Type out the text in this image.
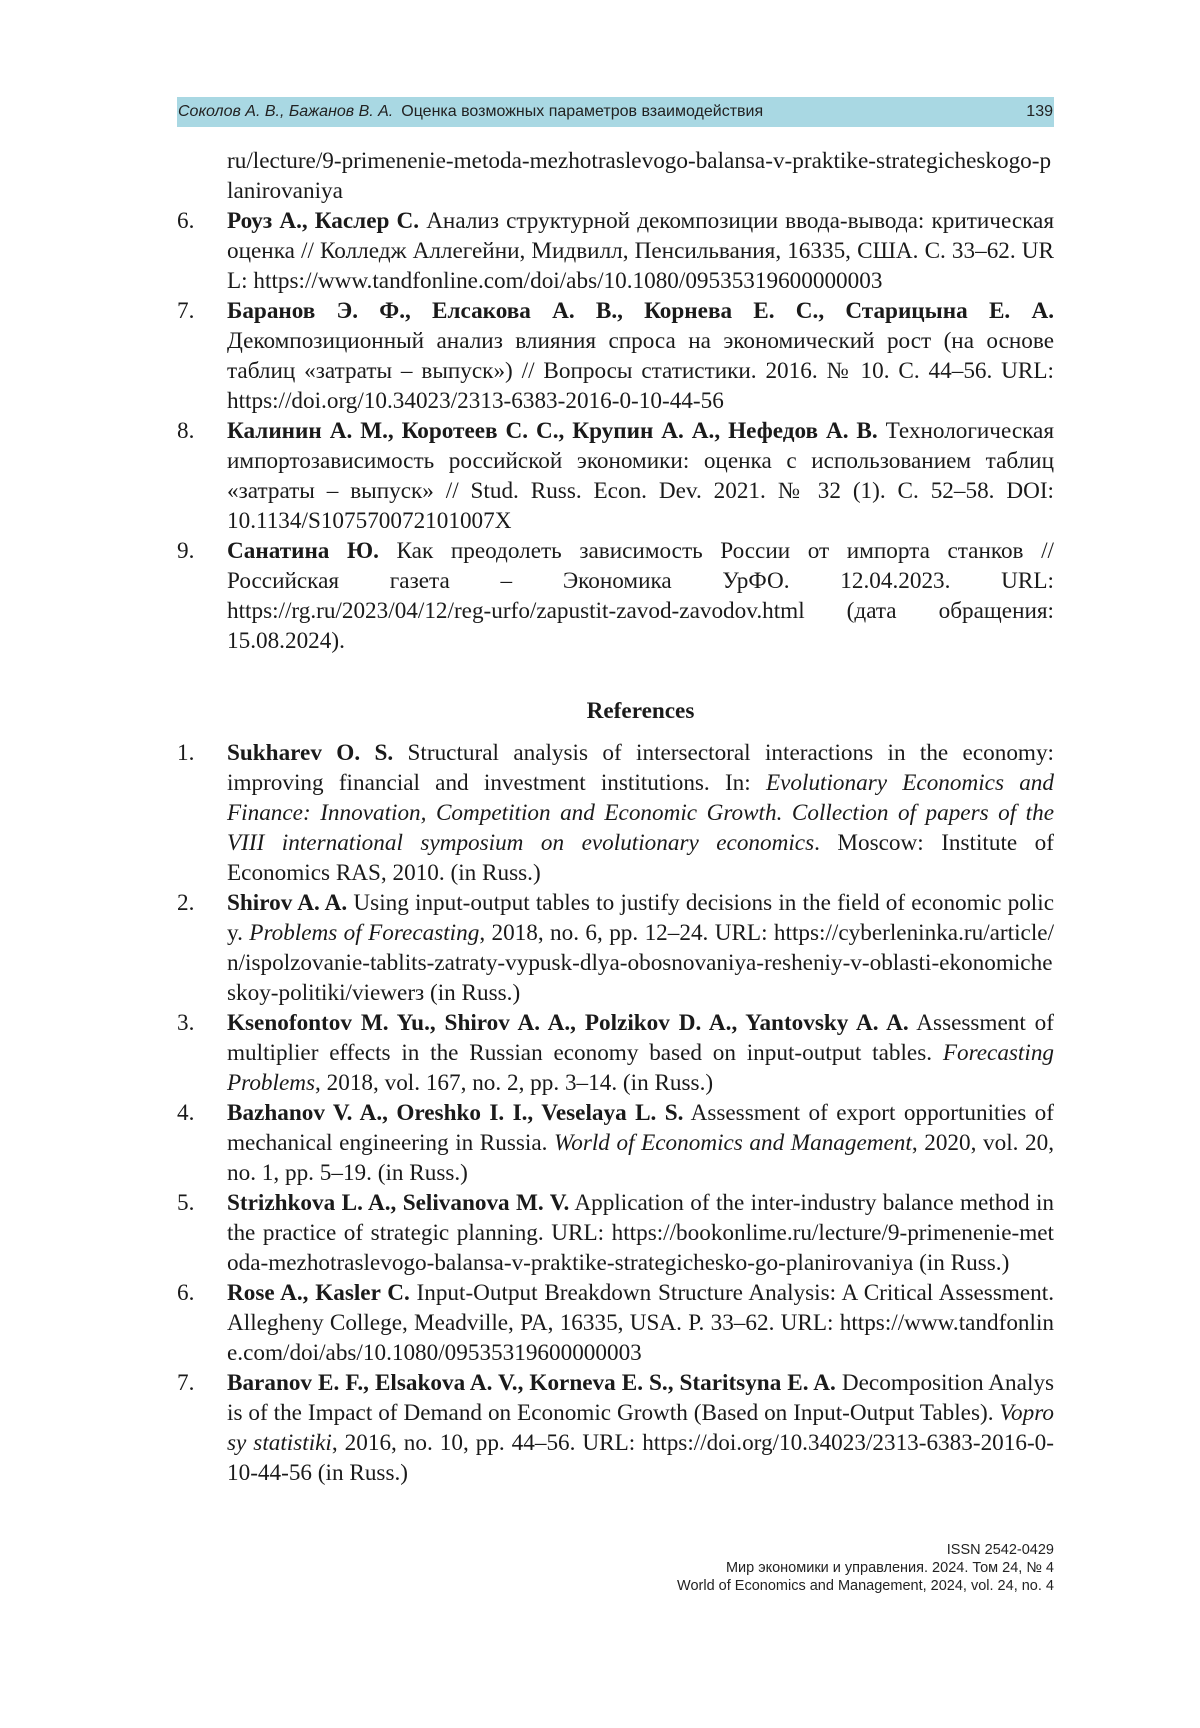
Соколов А. В., Бажанов В. А. Оценка возможных параметров взаимодействия	139
ru/lecture/9-primenenie-metoda-mezhotraslevogo-balansa-v-praktike-strategicheskogo-planirovaniya
6.	Роуз А., Каслер С. Анализ структурной декомпозиции ввода-вывода: критическая оценка // Колледж Аллегейни, Мидвилл, Пенсильвания, 16335, США. С. 33–62. URL: https://www.tandfonline.com/doi/abs/10.1080/09535319600000003
7.	Баранов Э. Ф., Елсакова А. В., Корнева Е. С., Старицына Е. А. Декомпозиционный анализ влияния спроса на экономический рост (на основе таблиц «затраты – выпуск») // Вопросы статистики. 2016. № 10. С. 44–56. URL: https://doi.org/10.34023/2313-6383-2016-0-10-44-56
8.	Калинин А. М., Коротеев С. С., Крупин А. А., Нефедов А. В. Технологическая импортозависимость российской экономики: оценка с использованием таблиц «затраты – выпуск» // Stud. Russ. Econ. Dev. 2021. № 32 (1). С. 52–58. DOI: 10.1134/S107570072101007X
9.	Санатина Ю. Как преодолеть зависимость России от импорта станков // Российская газета – Экономика УрФО. 12.04.2023. URL: https://rg.ru/2023/04/12/reg-urfo/zapustit-zavod-zavodov.html (дата обращения: 15.08.2024).
References
1.	Sukharev O. S. Structural analysis of intersectoral interactions in the economy: improving financial and investment institutions. In: Evolutionary Economics and Finance: Innovation, Competition and Economic Growth. Collection of papers of the VIII international symposium on evolutionary economics. Moscow: Institute of Economics RAS, 2010. (in Russ.)
2.	Shirov A. A. Using input-output tables to justify decisions in the field of economic policy. Problems of Forecasting, 2018, no. 6, pp. 12–24. URL: https://cyberleninka.ru/article/n/ispolzovanie-tablits-zatraty-vypusk-dlya-obosnovaniya-resheniy-v-oblasti-ekonomicheskoy-politiki/viewerз (in Russ.)
3.	Ksenofontov M. Yu., Shirov A. A., Polzikov D. A., Yantovsky A. A. Assessment of multiplier effects in the Russian economy based on input-output tables. Forecasting Problems, 2018, vol. 167, no. 2, pp. 3–14. (in Russ.)
4.	Bazhanov V. A., Oreshko I. I., Veselaya L. S. Assessment of export opportunities of mechanical engineering in Russia. World of Economics and Management, 2020, vol. 20, no. 1, pp. 5–19. (in Russ.)
5.	Strizhkova L. A., Selivanova M. V. Application of the inter-industry balance method in the practice of strategic planning. URL: https://bookonlime.ru/lecture/9-primenenie-metoda-mezhotraslevogo-balansa-v-praktike-strategichesko-go-planirovaniya (in Russ.)
6.	Rose A., Kasler C. Input-Output Breakdown Structure Analysis: A Critical Assessment. Allegheny College, Meadville, PA, 16335, USA. P. 33–62. URL: https://www.tandfonline.com/doi/abs/10.1080/09535319600000003
7.	Baranov E. F., Elsakova A. V., Korneva E. S., Staritsyna E. A. Decomposition Analysis of the Impact of Demand on Economic Growth (Based on Input-Output Tables). Voprosy statistiki, 2016, no. 10, pp. 44–56. URL: https://doi.org/10.34023/2313-6383-2016-0-10-44-56 (in Russ.)
ISSN 2542-0429
Мир экономики и управления. 2024. Том 24, № 4
World of Economics and Management, 2024, vol. 24, no. 4
